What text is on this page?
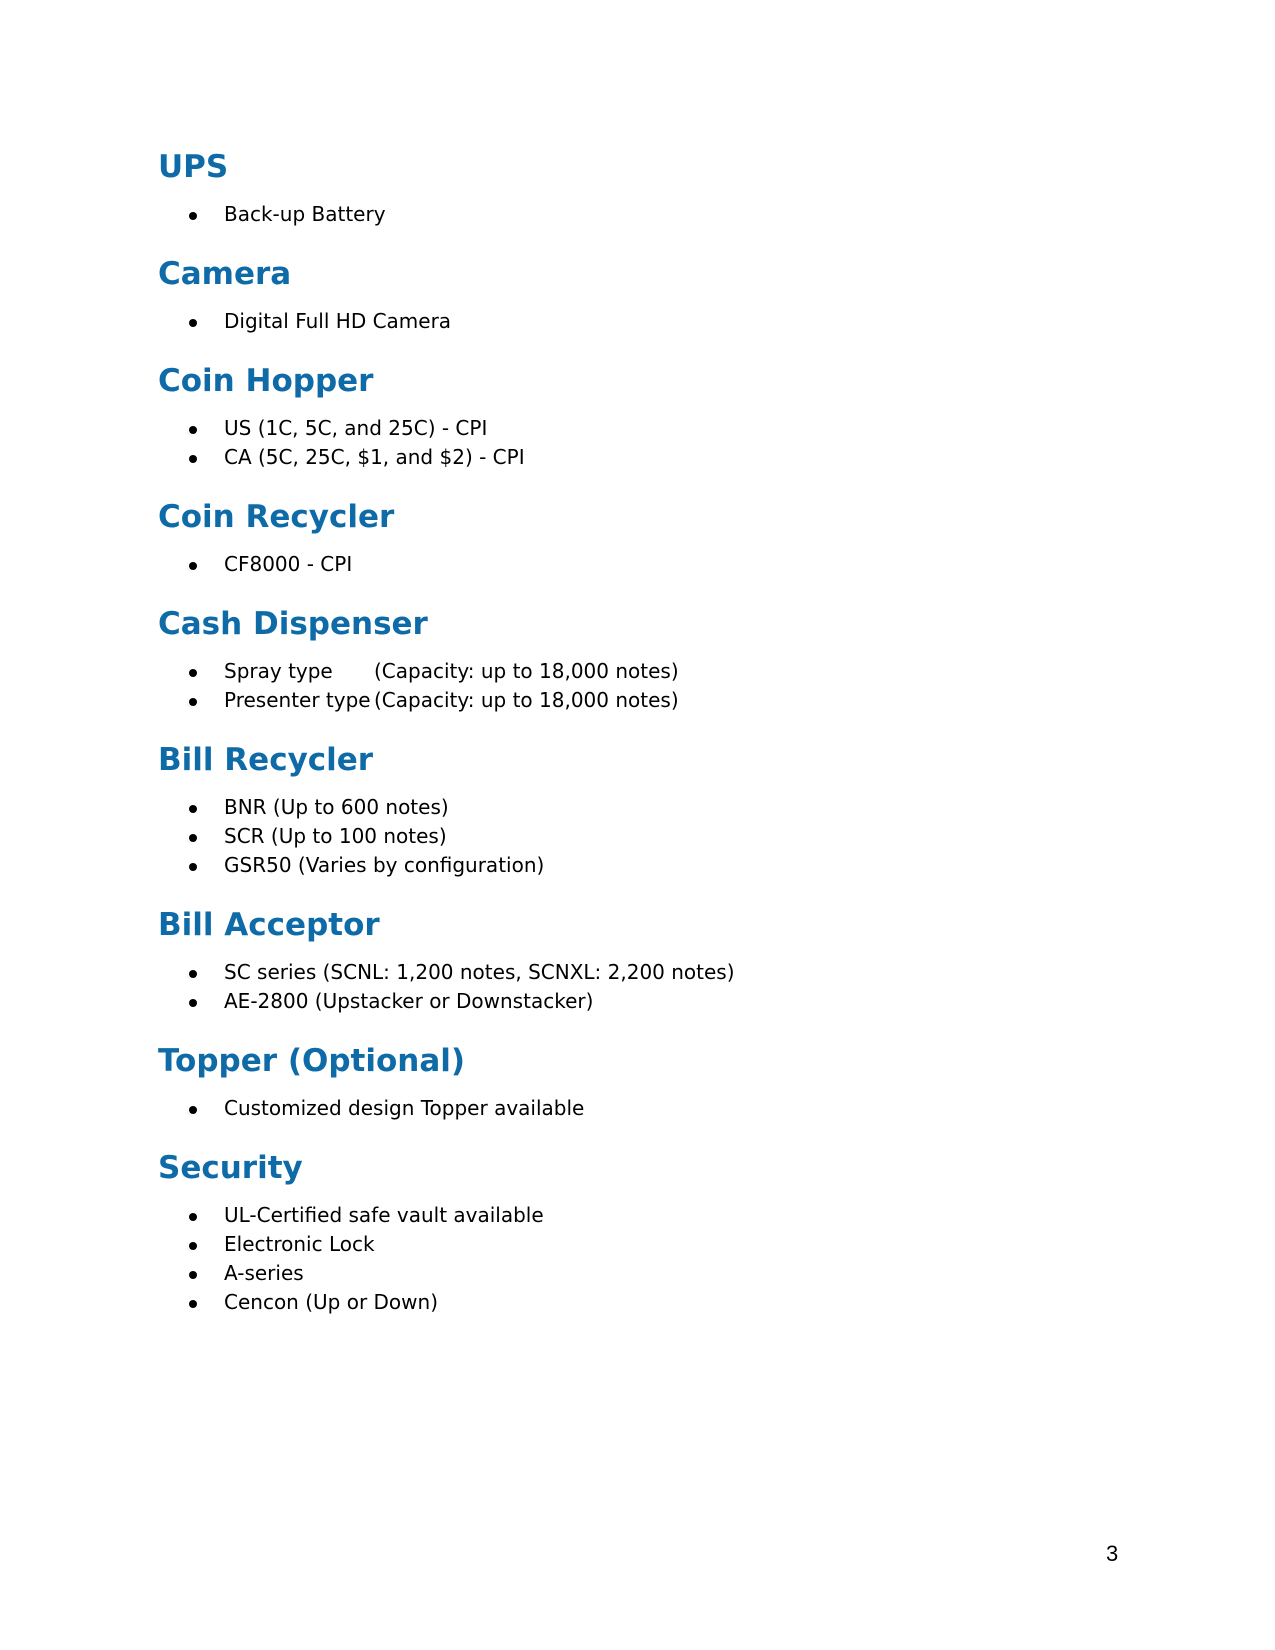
UPS
Back-up Battery
Camera
Digital Full HD Camera
Coin Hopper
US (1C, 5C, and 25C) - CPI
CA (5C, 25C, $1, and $2) - CPI
Coin Recycler
CF8000 - CPI
Cash Dispenser
Spray type (Capacity: up to 18,000 notes)
Presenter type (Capacity: up to 18,000 notes)
Bill Recycler
BNR (Up to 600 notes)
SCR (Up to 100 notes)
GSR50 (Varies by configuration)
Bill Acceptor
SC series (SCNL: 1,200 notes, SCNXL: 2,200 notes)
AE-2800 (Upstacker or Downstacker)
Topper (Optional)
Customized design Topper available
Security
UL-Certified safe vault available
Electronic Lock
A-series
Cencon (Up or Down)
3
